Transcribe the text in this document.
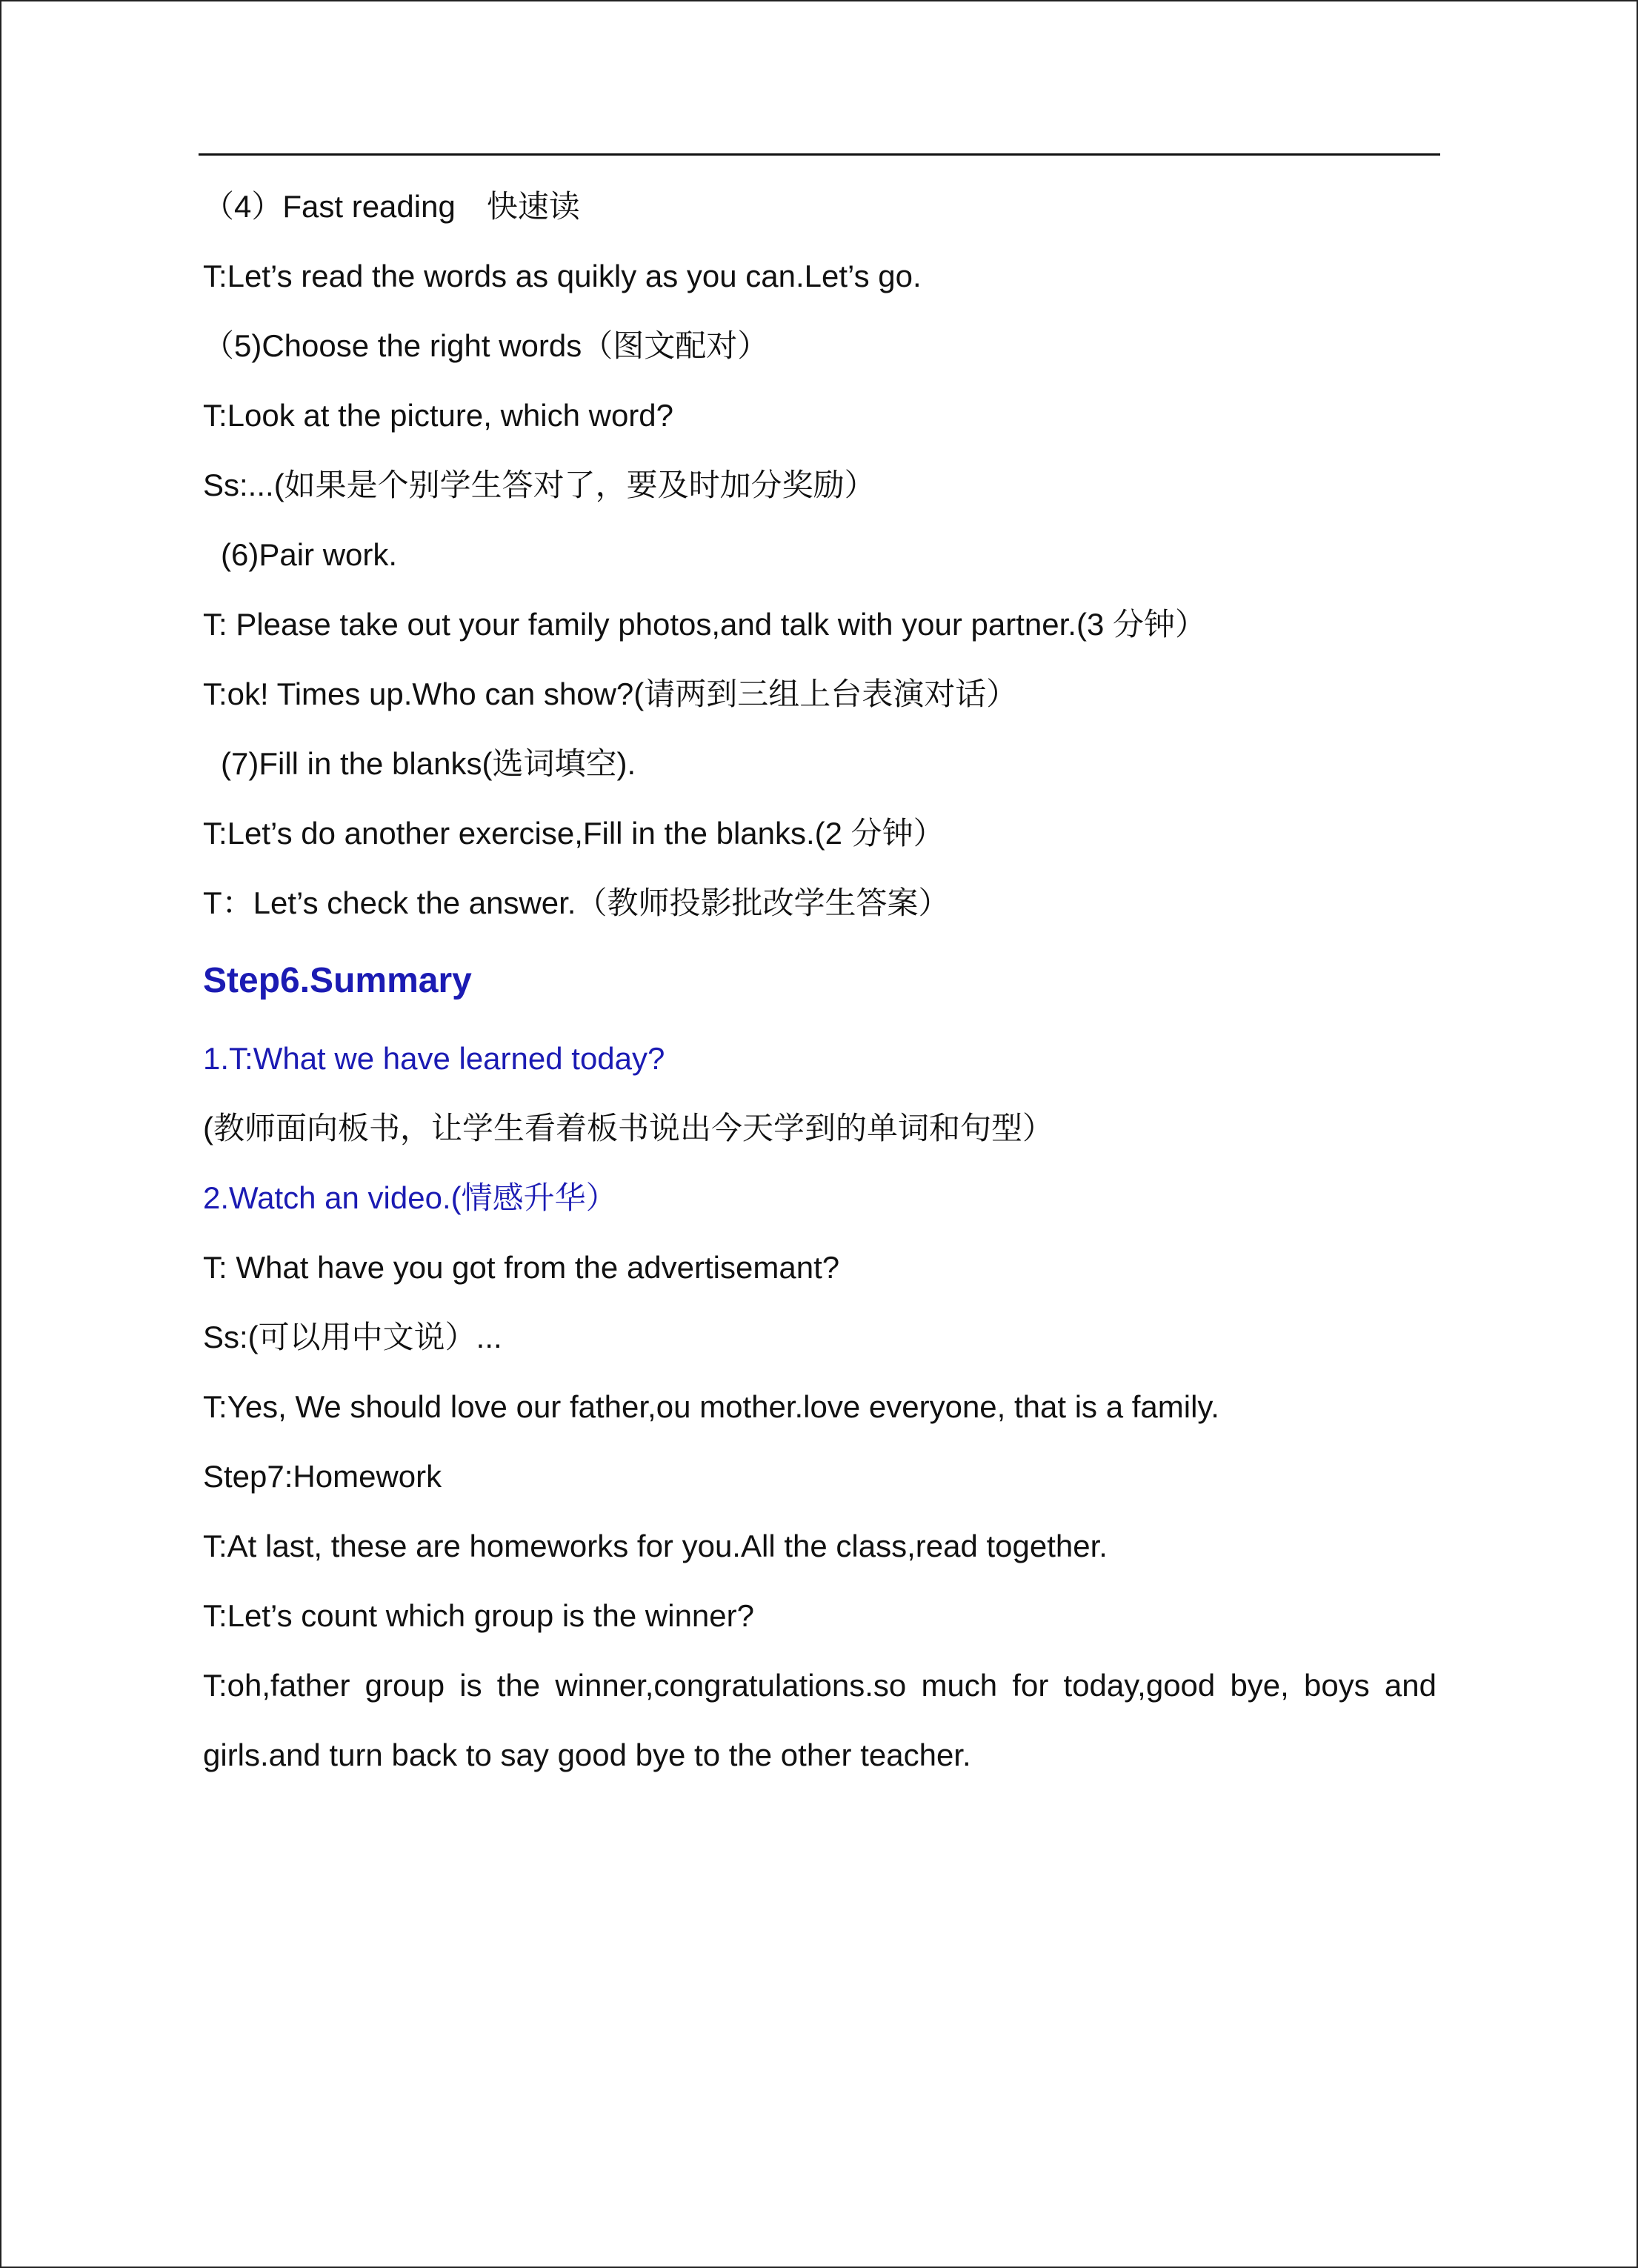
（4）Fast reading　快速读
T:Let’s read the words as quikly as you can.Let’s go.
（5)Choose the right words（图文配对）
T:Look at the picture, which word?
Ss:...(如果是个别学生答对了，要及时加分奖励）
(6)Pair work.
T: Please take out your family photos,and talk with your partner.(3 分钟）
T:ok! Times up.Who can show?(请两到三组上台表演对话）
(7)Fill in the blanks(选词填空).
T:Let’s do another exercise,Fill in the blanks.(2 分钟）
T：Let’s check the answer.（教师投影批改学生答案）
Step6.Summary
1.T:What we have learned today?
(教师面向板书，让学生看着板书说出今天学到的单词和句型）
2.Watch an video.(情感升华）
T: What have you got from the advertisemant?
Ss:(可以用中文说）...
T:Yes, We should love our father,ou mother.love everyone, that is a family.
Step7:Homework
T:At last, these are homeworks for you.All the class,read together.
T:Let’s count which group is the winner?
T:oh,father group is the winner,congratulations.so much for today,good bye, boys and girls.and turn back to say good bye to the other teacher.
